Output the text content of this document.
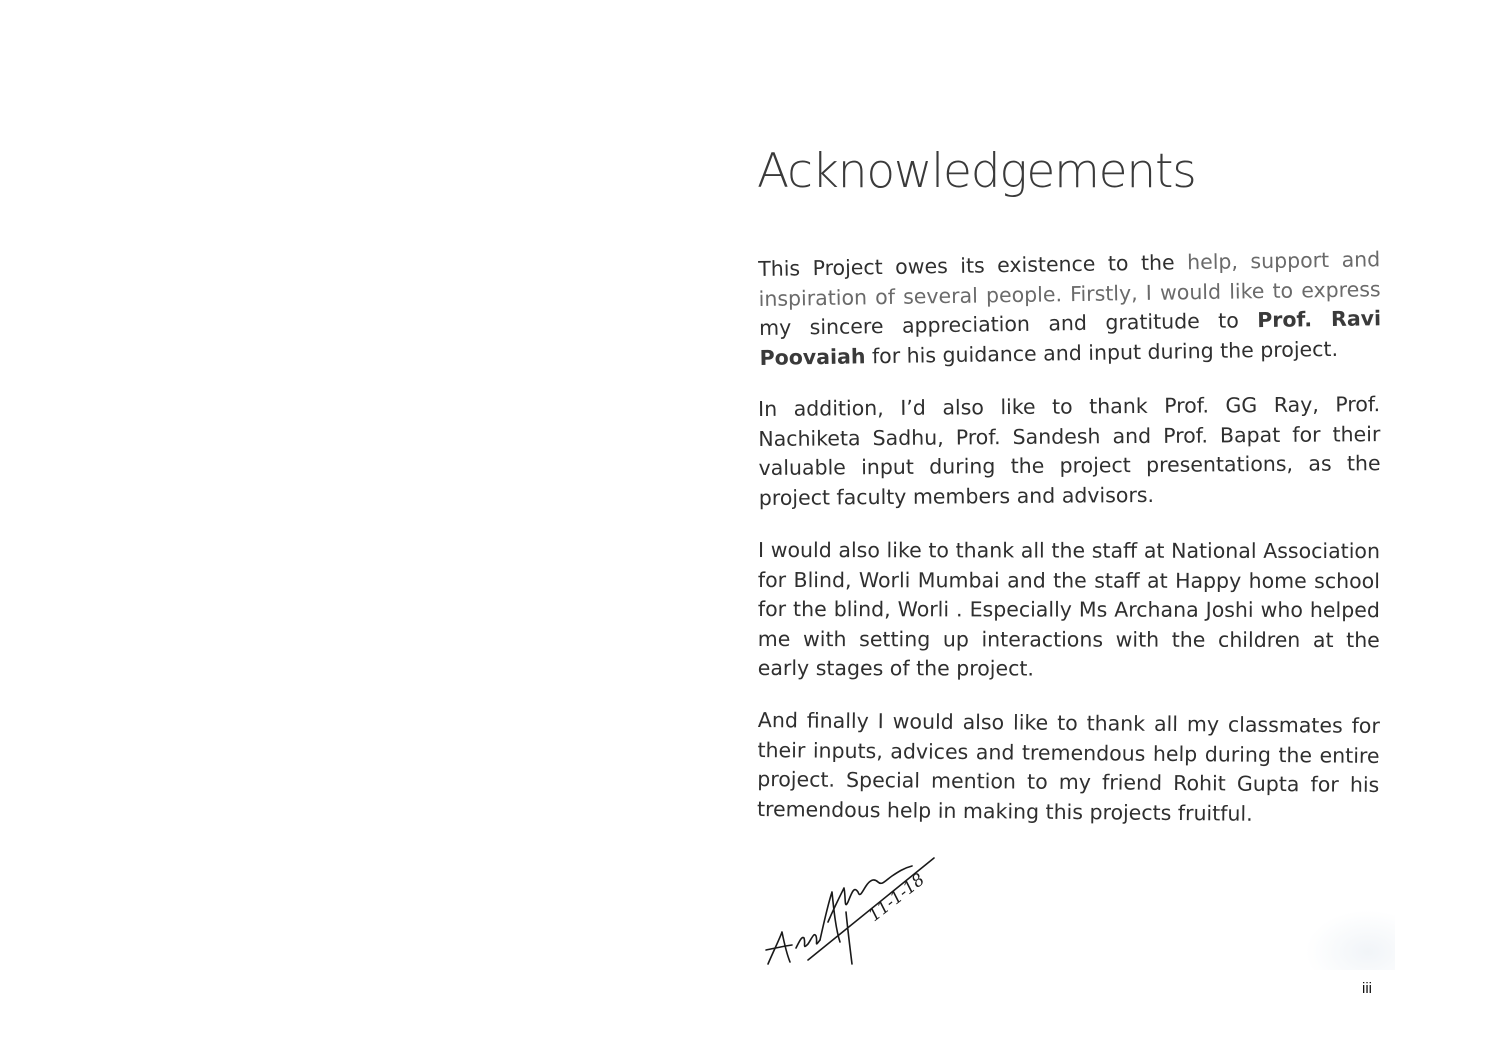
Acknowledgements

This Project owes its existence to the help, support and inspiration of several people. Firstly, I would like to express my sincere appreciation and gratitude to Prof. Ravi Poovaiah for his guidance and input during the project.

In addition, I’d also like to thank Prof. GG Ray, Prof. Nachiketa Sadhu, Prof. Sandesh and Prof. Bapat for their valuable input during the project presentations, as the project faculty members and advisors.

I would also like to thank all the staff at National Association for Blind, Worli Mumbai and the staff at Happy home school for the blind, Worli . Especially Ms Archana Joshi who helped me with setting up interactions with the children at the early stages of the project.

And finally I would also like to thank all my classmates for their inputs, advices and tremendous help during the entire project. Special mention to my friend Rohit Gupta for his tremendous help in making this projects fruitful.

11-1-18
iii
